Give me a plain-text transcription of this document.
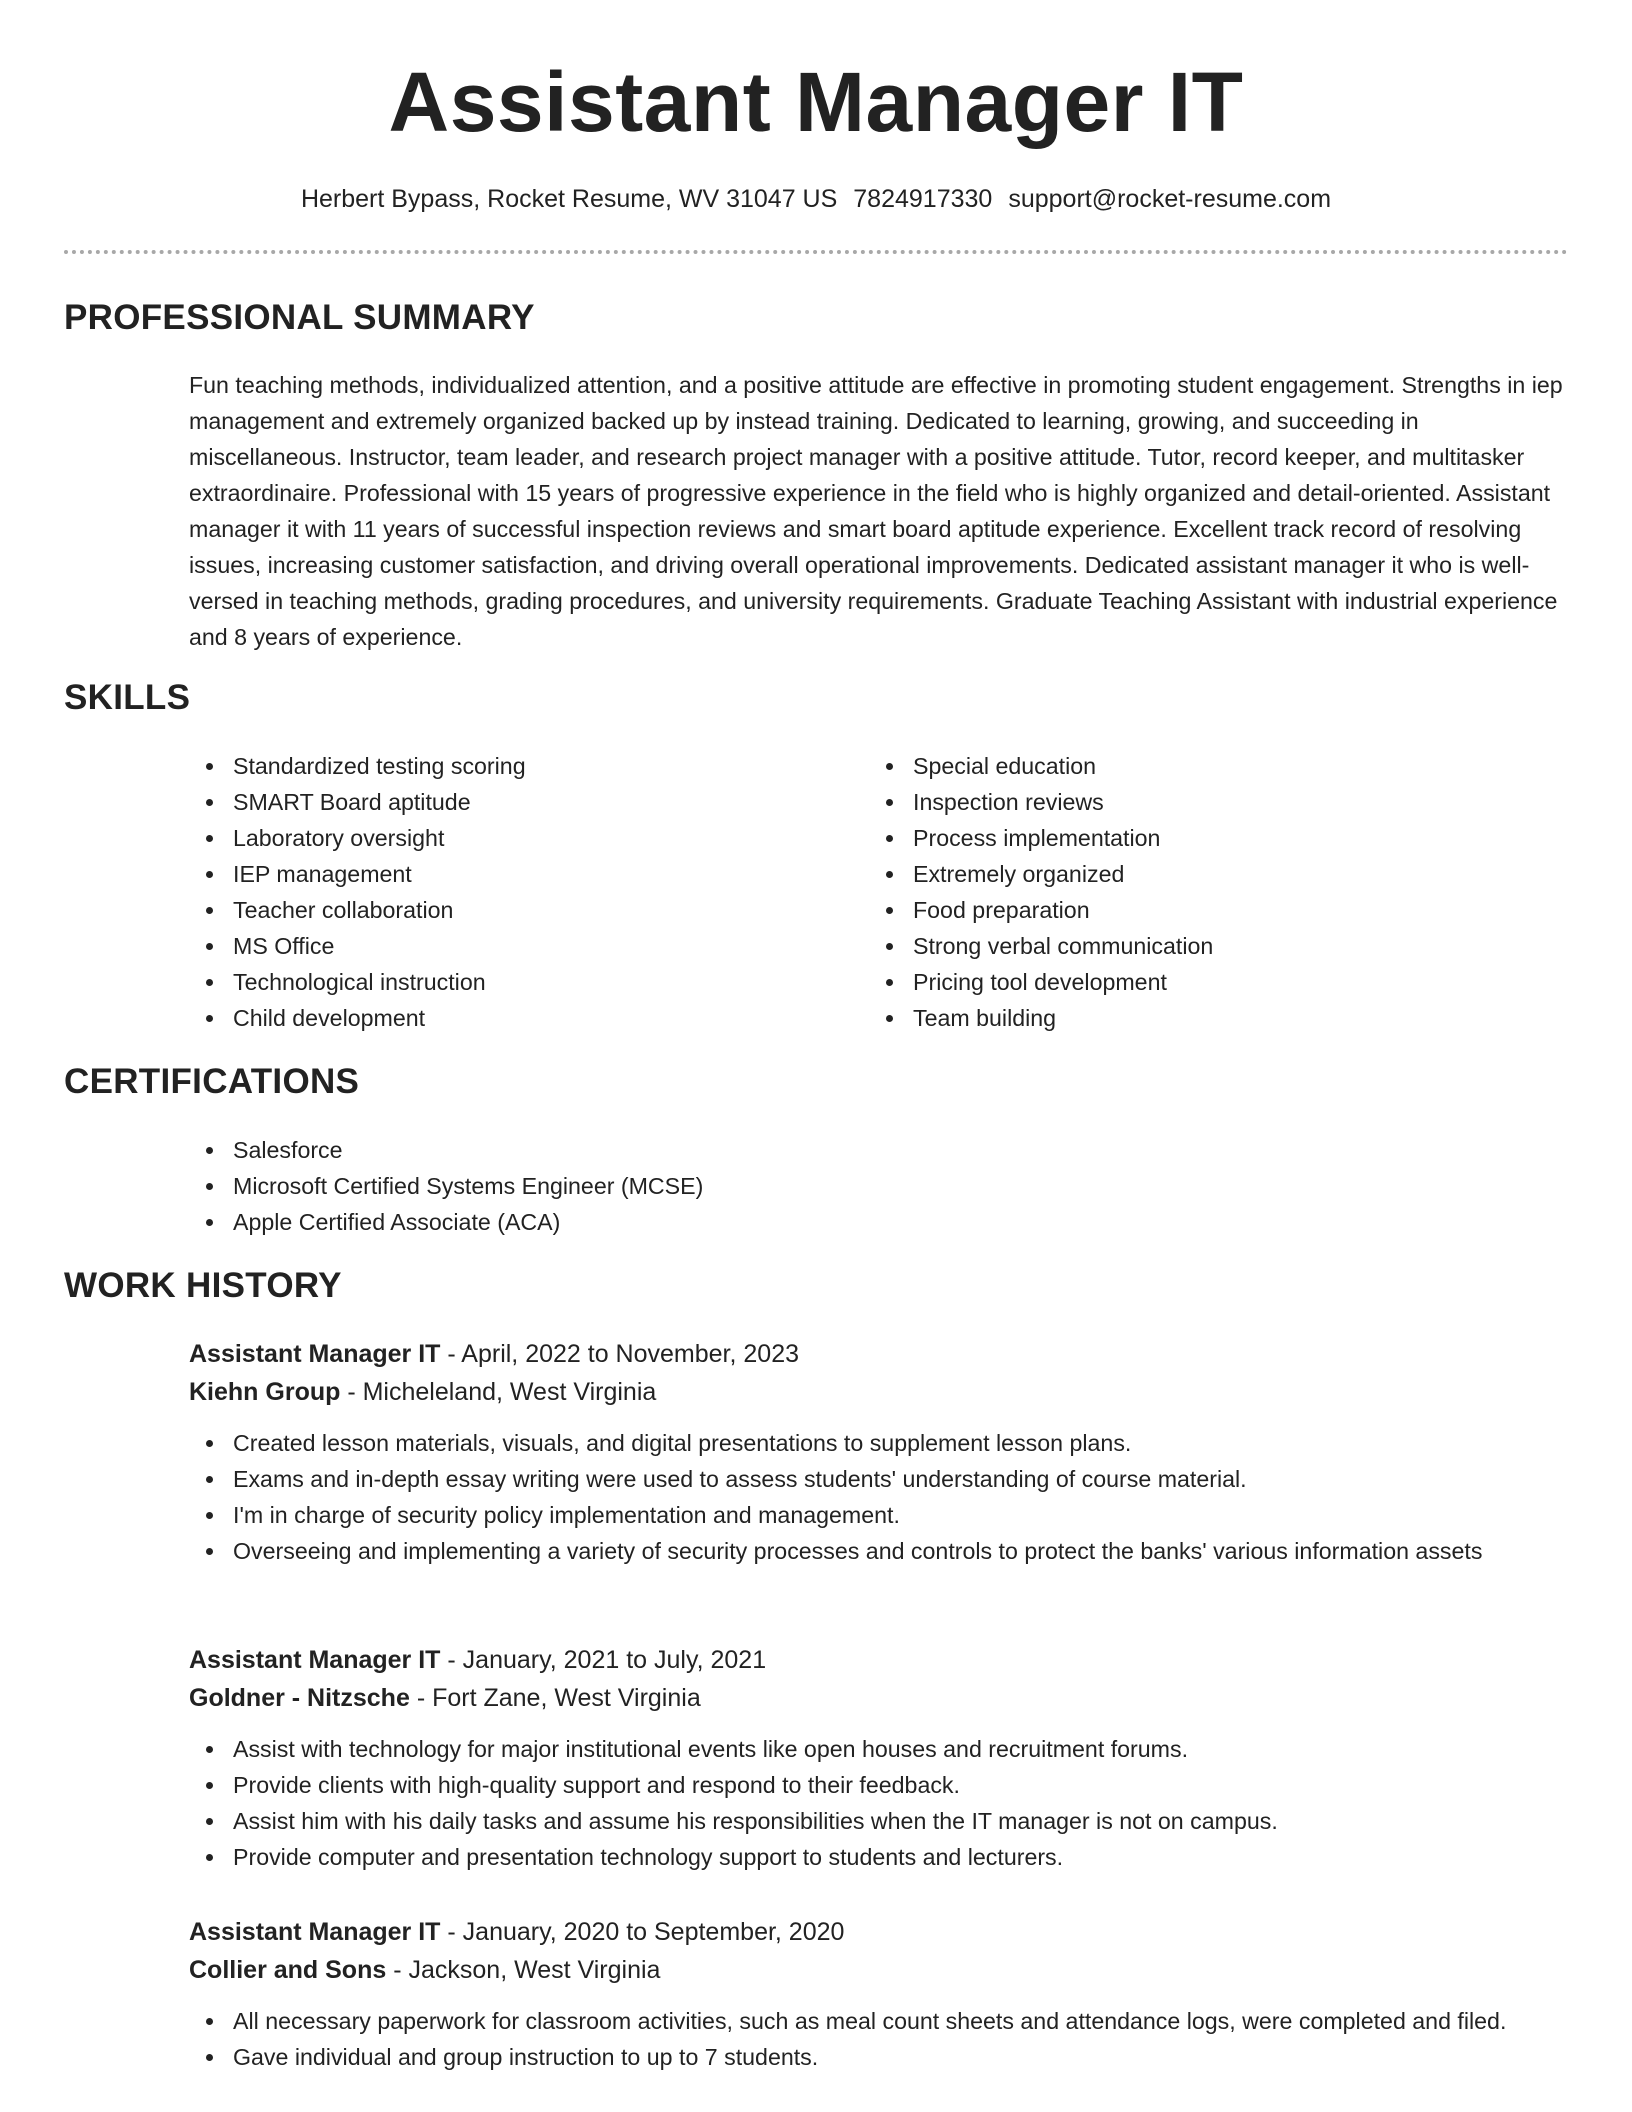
Assistant Manager IT
Herbert Bypass, Rocket Resume, WV 31047 US 7824917330 support@rocket-resume.com
PROFESSIONAL SUMMARY

Fun teaching methods, individualized attention, and a positive attitude are effective in promoting student engagement. Strengths in iep management and extremely organized backed up by instead training. Dedicated to learning, growing, and succeeding in miscellaneous. Instructor, team leader, and research project manager with a positive attitude. Tutor, record keeper, and multitasker extraordinaire. Professional with 15 years of progressive experience in the field who is highly organized and detail-oriented. Assistant manager it with 11 years of successful inspection reviews and smart board aptitude experience. Excellent track record of resolving issues, increasing customer satisfaction, and driving overall operational improvements. Dedicated assistant manager it who is well-versed in teaching methods, grading procedures, and university requirements. Graduate Teaching Assistant with industrial experience and 8 years of experience.

SKILLS
Standardized testing scoring
SMART Board aptitude
Laboratory oversight
IEP management
Teacher collaboration
MS Office
Technological instruction
Child development
Special education
Inspection reviews
Process implementation
Extremely organized
Food preparation
Strong verbal communication
Pricing tool development
Team building
CERTIFICATIONS
Salesforce
Microsoft Certified Systems Engineer (MCSE)
Apple Certified Associate (ACA)
WORK HISTORY
Assistant Manager IT - April, 2022 to November, 2023
Kiehn Group - Micheleland, West Virginia
Created lesson materials, visuals, and digital presentations to supplement lesson plans.
Exams and in-depth essay writing were used to assess students' understanding of course material.
I'm in charge of security policy implementation and management.
Overseeing and implementing a variety of security processes and controls to protect the banks' various information assets
Assistant Manager IT - January, 2021 to July, 2021
Goldner - Nitzsche - Fort Zane, West Virginia
Assist with technology for major institutional events like open houses and recruitment forums.
Provide clients with high-quality support and respond to their feedback.
Assist him with his daily tasks and assume his responsibilities when the IT manager is not on campus.
Provide computer and presentation technology support to students and lecturers.
Assistant Manager IT - January, 2020 to September, 2020
Collier and Sons - Jackson, West Virginia
All necessary paperwork for classroom activities, such as meal count sheets and attendance logs, were completed and filed.
Gave individual and group instruction to up to 7 students.
